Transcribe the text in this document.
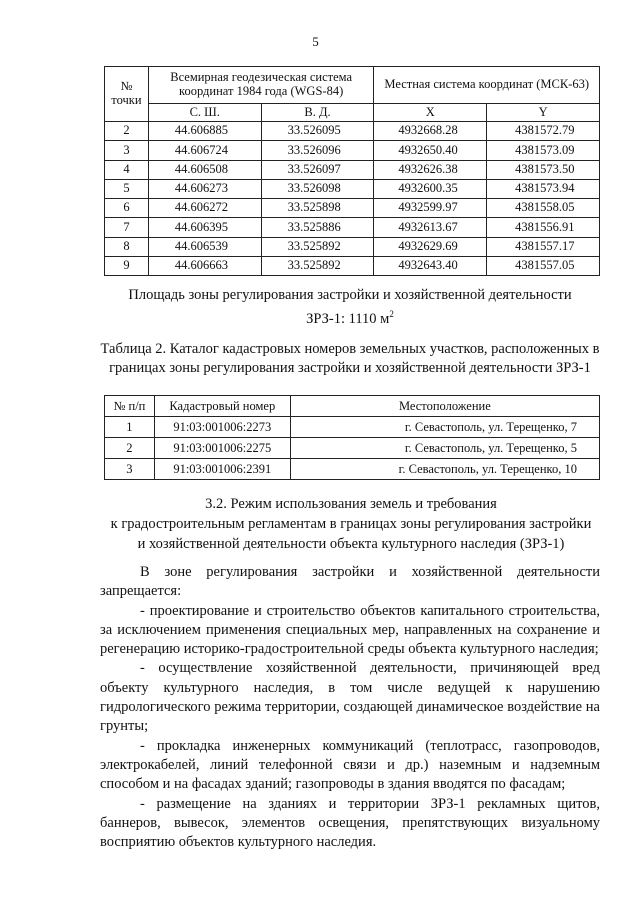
5
№ точки	Всемирная геодезическая система координат 1984 года (WGS-84)		Местная система координат (МСК-63)	
	С. Ш.	В. Д.	X	Y
2	44.606885	33.526095	4932668.28	4381572.79
3	44.606724	33.526096	4932650.40	4381573.09
4	44.606508	33.526097	4932626.38	4381573.50
5	44.606273	33.526098	4932600.35	4381573.94
6	44.606272	33.525898	4932599.97	4381558.05
7	44.606395	33.525886	4932613.67	4381556.91
8	44.606539	33.525892	4932629.69	4381557.17
9	44.606663	33.525892	4932643.40	4381557.05
Площадь зоны регулирования застройки и хозяйственной деятельности
ЗРЗ-1: 1110 $м^2$
Таблица 2. Каталог кадастровых номеров земельных участков, расположенных в границах зоны регулирования застройки и хозяйственной деятельности ЗРЗ-1
№ п/п	Кадастровый номер	Местоположение
1	91:03:001006:2273	г. Севастополь, ул. Терещенко, 7
2	91:03:001006:2275	г. Севастополь, ул. Терещенко, 5
3	91:03:001006:2391	г. Севастополь, ул. Терещенко, 10
3.2. Режим использования земель и требования
к градостроительным регламентам в границах зоны регулирования застройки
и хозяйственной деятельности объекта культурного наследия (ЗРЗ-1)

В зоне регулирования застройки и хозяйственной деятельности запрещается:

- проектирование и строительство объектов капитального строительства, за исключением применения специальных мер, направленных на сохранение и регенерацию историко-градостроительной среды объекта культурного наследия;

- осуществление хозяйственной деятельности, причиняющей вред объекту культурного наследия, в том числе ведущей к нарушению гидрологического режима территории, создающей динамическое воздействие на грунты;

- прокладка инженерных коммуникаций (теплотрасс, газопроводов, электрокабелей, линий телефонной связи и др.) наземным и надземным способом и на фасадах зданий; газопроводы в здания вводятся по фасадам;

- размещение на зданиях и территории ЗРЗ-1 рекламных щитов, баннеров, вывесок, элементов освещения, препятствующих визуальному восприятию объектов культурного наследия.
